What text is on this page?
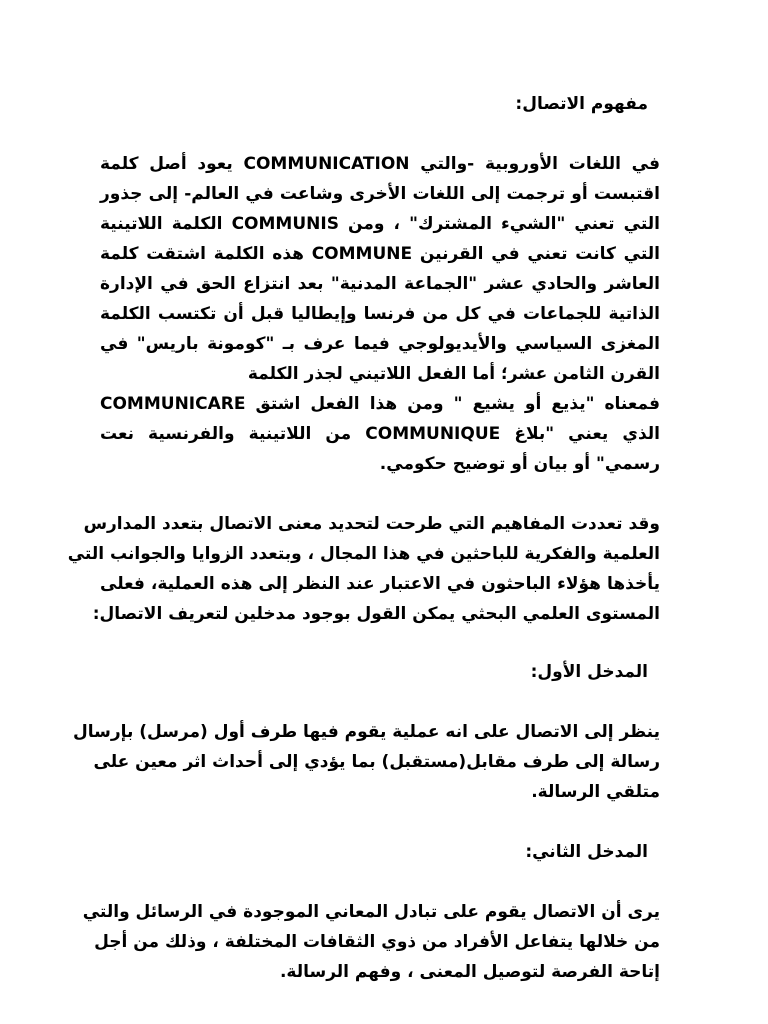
مفهوم الاتصال:
في اللغات الأوروبية -والتي COMMUNICATION يعود أصل كلمة
اقتبست أو ترجمت إلى اللغات الأخرى وشاعت في العالم- إلى جذور
التي تعني "الشيء المشترك" ، ومن COMMUNIS الكلمة اللاتينية
التي كانت تعني في القرنين COMMUNE هذه الكلمة اشتقت كلمة
العاشر والحادي عشر "الجماعة المدنية" بعد انتزاع الحق في الإدارة
الذاتية للجماعات في كل من فرنسا وإيطاليا قبل أن تكتسب الكلمة
المغزى السياسي والأيديولوجي فيما عرف بـ "كومونة باريس" في
القرن الثامن عشر؛ أما الفعل اللاتيني لجذر الكلمة
فمعناه "يذيع أو يشيع " ومن هذا الفعل اشتق COMMUNICARE
الذي يعني "بلاغ COMMUNIQUE من اللاتينية والفرنسية نعت
رسمي" أو بيان أو توضيح حكومي.
وقد تعددت المفاهيم التي طرحت لتحديد معنى الاتصال بتعدد المدارس
العلمية والفكرية للباحثين في هذا المجال ، وبتعدد الزوايا والجوانب التي
يأخذها هؤلاء الباحثون في الاعتبار عند النظر إلى هذه العملية، فعلى
المستوى العلمي البحثي يمكن القول بوجود مدخلين لتعريف الاتصال:
المدخل الأول:
ينظر إلى الاتصال على انه عملية يقوم فيها طرف أول (مرسل) بإرسال
رسالة إلى طرف مقابل(مستقبل) بما يؤدي إلى أحداث اثر معين على
متلقي الرسالة.
المدخل الثاني:
يرى أن الاتصال يقوم على تبادل المعاني الموجودة في الرسائل والتي
من خلالها يتفاعل الأفراد من ذوي الثقافات المختلفة ، وذلك من أجل
إتاحة الفرصة لتوصيل المعنى ، وفهم الرسالة.
